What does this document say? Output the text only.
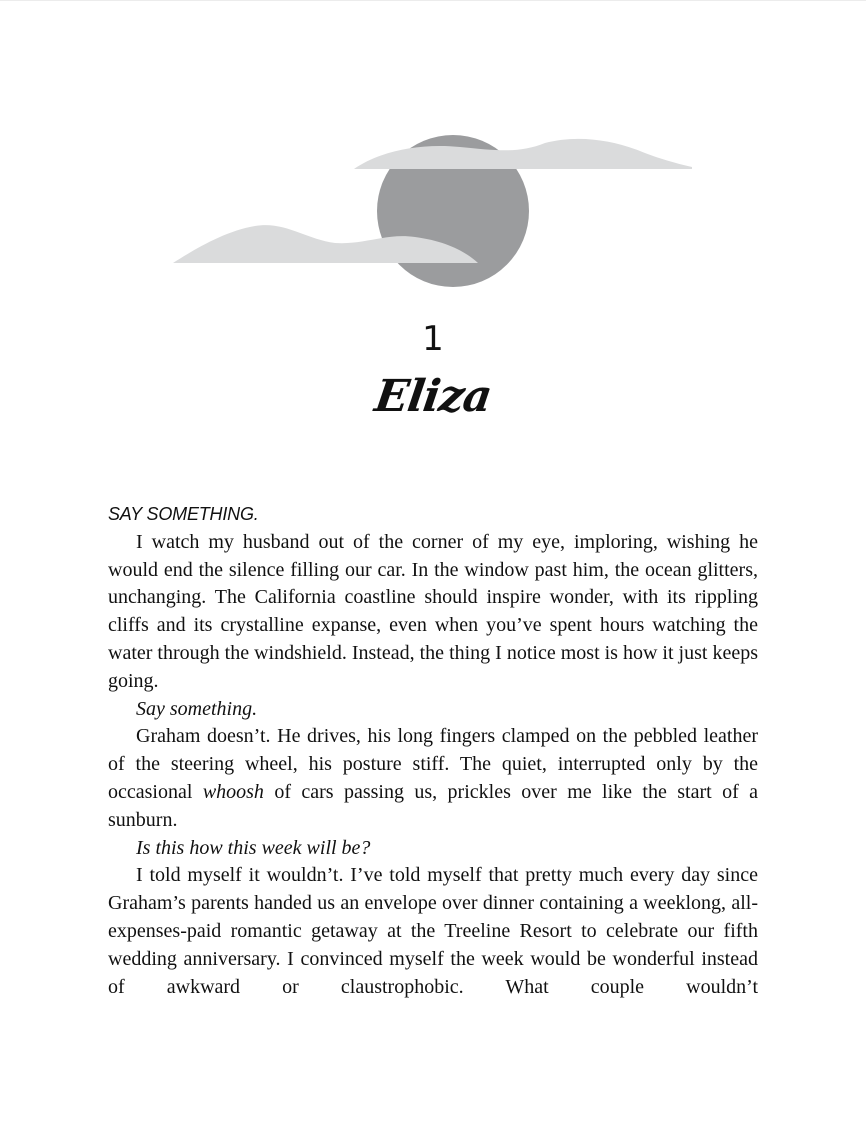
1
Eliza

SAY SOMETHING.

I watch my husband out of the corner of my eye, imploring, wishing he would end the silence filling our car. In the window past him, the ocean glitters, unchanging. The California coastline should inspire wonder, with its rippling cliffs and its crystalline expanse, even when you’ve spent hours watching the water through the windshield. Instead, the thing I notice most is how it just keeps going.

Say something.

Graham doesn’t. He drives, his long fingers clamped on the pebbled leather of the steering wheel, his posture stiff. The quiet, interrupted only by the occasional whoosh of cars passing us, prickles over me like the start of a sunburn.

Is this how this week will be?

I told myself it wouldn’t. I’ve told myself that pretty much every day since Graham’s parents handed us an envelope over dinner containing a weeklong, all-expenses-paid romantic getaway at the Treeline Resort to celebrate our fifth wedding anniversary. I convinced myself the week would be wonderful instead of awkward or claustrophobic. What couple wouldn’t
